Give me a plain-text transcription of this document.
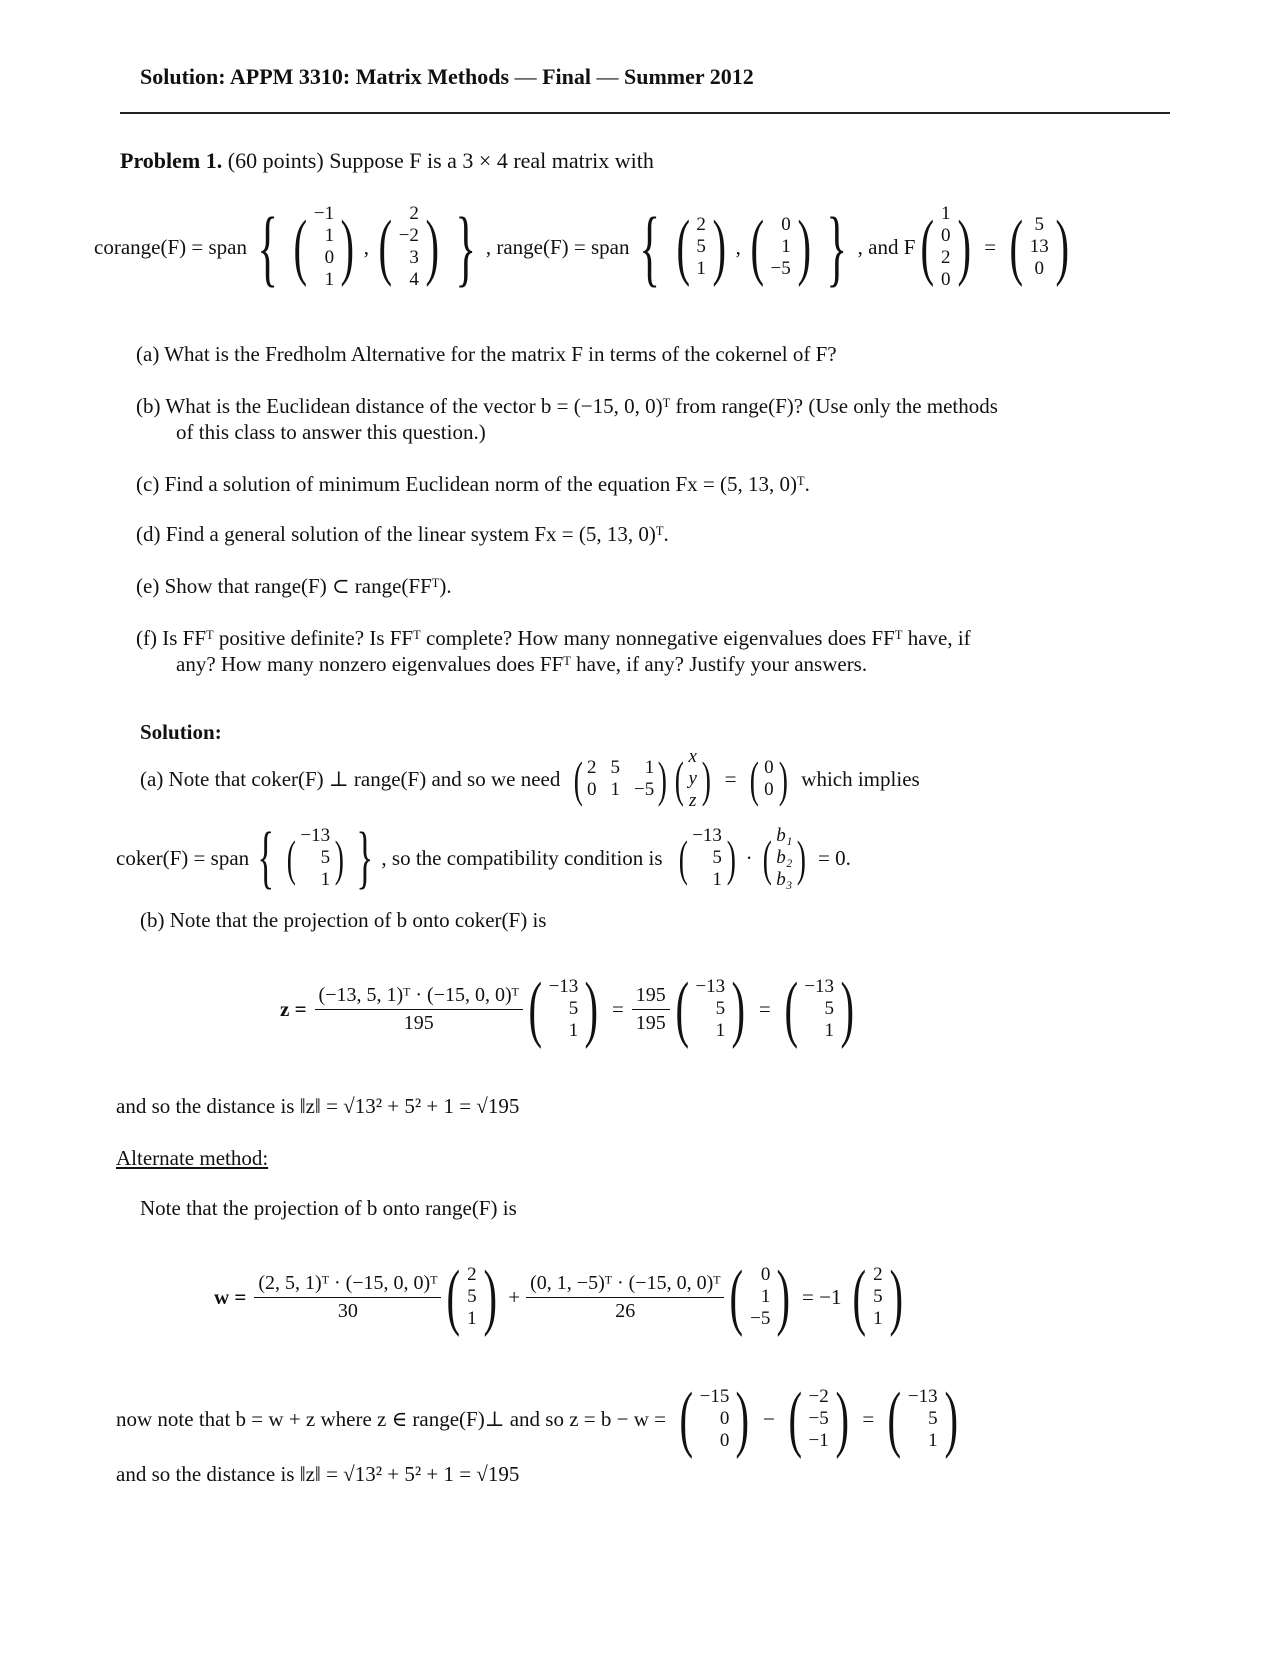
Solution: APPM 3310: Matrix Methods — Final — Summer 2012
Problem 1. (60 points) Suppose F is a 3 × 4 real matrix with
corange(F) = span { ( −1
1
0
1 ) , ( 2
−2
3
4 ) } , range(F) = span { ( 2
5
1 ) , ( 0
1
−5 ) } , and F ( 1
0
2
0 ) = ( 5
13
0 )
(a) What is the Fredholm Alternative for the matrix F in terms of the cokernel of F?
(b) What is the Euclidean distance of the vector b = (−15, 0, 0)ᵀ from range(F)? (Use only the methods
of this class to answer this question.)
(c) Find a solution of minimum Euclidean norm of the equation Fx = (5, 13, 0)ᵀ.
(d) Find a general solution of the linear system Fx = (5, 13, 0)ᵀ.
(e) Show that range(F) ⊂ range(FFᵀ).
(f) Is FFᵀ positive definite? Is FFᵀ complete? How many nonnegative eigenvalues does FFᵀ have, if
any? How many nonzero eigenvalues does FFᵀ have, if any? Justify your answers.
Solution:
(a) Note that coker(F) ⊥ range(F) and so we need ( 2 5	1
0 1 −5 ) ( x
y
z ) = ( 0
0 ) which implies
coker(F) = span { ( −13
5
1 ) } , so the compatibility condition is ( −13
5
1 ) · ( b₁
b₂
b₃ ) = 0.
(b) Note that the projection of b onto coker(F) is
$z = \frac{\text{(−13, 5, 1)ᵀ · (−15, 0, 0)ᵀ}}{195}$ ( −13
5
1 ) = $\frac{195}{195}$ ( −13
5
1 ) = ( −13
5
1 )
and so the distance is ‖z‖ = √13² + 5² + 1 = √195
Alternate method:
Note that the projection of b onto range(F) is
$w = \frac{\text{(2, 5, 1)ᵀ · (−15, 0, 0)ᵀ}}{30}$ ( 2
5
1 ) + $\frac{\text{(0, 1, −5)ᵀ · (−15, 0, 0)ᵀ}}{26}$ ( 0
1
−5 ) = −1 ( 2
5
1 )
now note that b = w + z where z ∈ range(F)⊥ and so z = b − w = ( −15
0
0 ) − ( −2
−5
−1 ) = ( −13
5
1 )
and so the distance is ‖z‖ = √13² + 5² + 1 = √195
